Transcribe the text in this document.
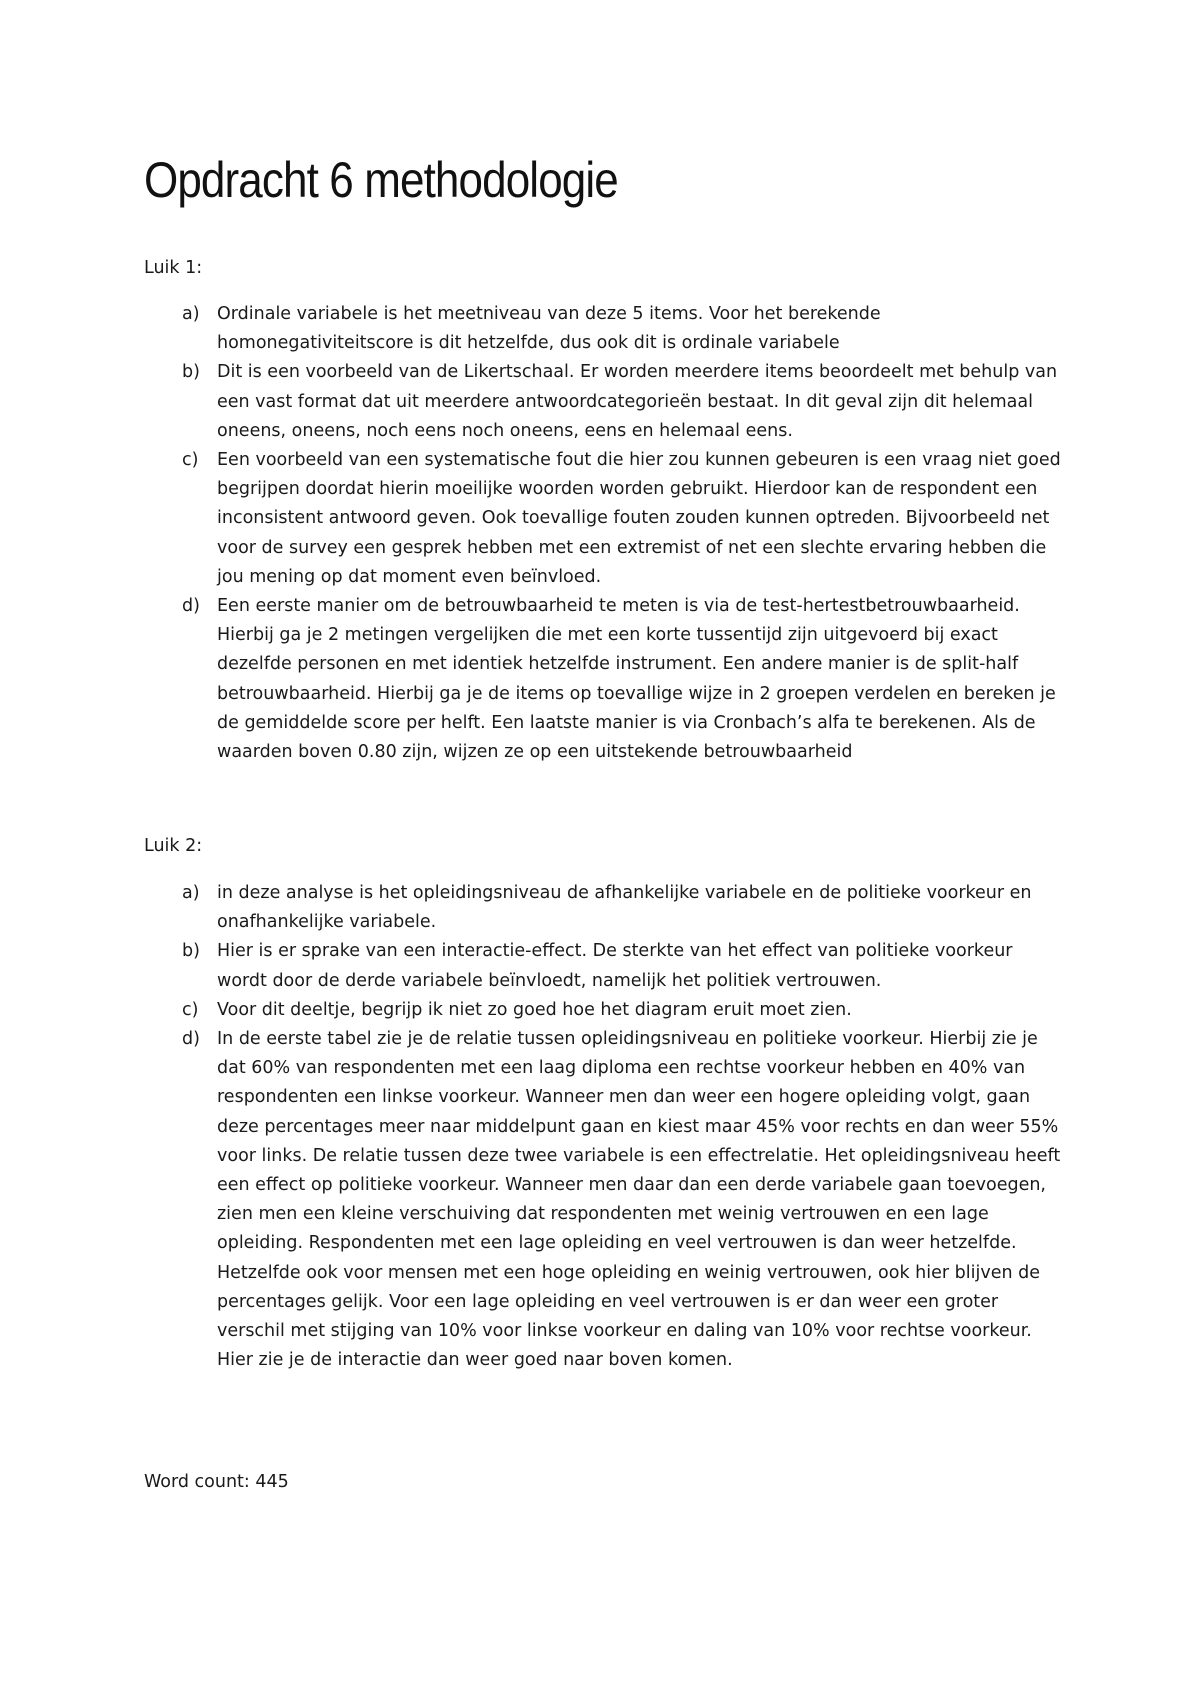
Opdracht 6 methodologie

Luik 1:

a) Ordinale variabele is het meetniveau van deze 5 items. Voor het berekende homonegativiteitscore is dit hetzelfde, dus ook dit is ordinale variabele
b) Dit is een voorbeeld van de Likertschaal. Er worden meerdere items beoordeelt met behulp van een vast format dat uit meerdere antwoordcategorieën bestaat. In dit geval zijn dit helemaal oneens, oneens, noch eens noch oneens, eens en helemaal eens.
c) Een voorbeeld van een systematische fout die hier zou kunnen gebeuren is een vraag niet goed begrijpen doordat hierin moeilijke woorden worden gebruikt. Hierdoor kan de respondent een inconsistent antwoord geven. Ook toevallige fouten zouden kunnen optreden. Bijvoorbeeld net voor de survey een gesprek hebben met een extremist of net een slechte ervaring hebben die jou mening op dat moment even beïnvloed.
d) Een eerste manier om de betrouwbaarheid te meten is via de test-hertestbetrouwbaarheid. Hierbij ga je 2 metingen vergelijken die met een korte tussentijd zijn uitgevoerd bij exact dezelfde personen en met identiek hetzelfde instrument. Een andere manier is de split-half betrouwbaarheid. Hierbij ga je de items op toevallige wijze in 2 groepen verdelen en bereken je de gemiddelde score per helft. Een laatste manier is via Cronbach’s alfa te berekenen. Als de waarden boven 0.80 zijn, wijzen ze op een uitstekende betrouwbaarheid

Luik 2:

a) in deze analyse is het opleidingsniveau de afhankelijke variabele en de politieke voorkeur en onafhankelijke variabele.
b) Hier is er sprake van een interactie-effect. De sterkte van het effect van politieke voorkeur wordt door de derde variabele beïnvloedt, namelijk het politiek vertrouwen.
c) Voor dit deeltje, begrijp ik niet zo goed hoe het diagram eruit moet zien.
d) In de eerste tabel zie je de relatie tussen opleidingsniveau en politieke voorkeur. Hierbij zie je dat 60% van respondenten met een laag diploma een rechtse voorkeur hebben en 40% van respondenten een linkse voorkeur. Wanneer men dan weer een hogere opleiding volgt, gaan deze percentages meer naar middelpunt gaan en kiest maar 45% voor rechts en dan weer 55% voor links. De relatie tussen deze twee variabele is een effectrelatie. Het opleidingsniveau heeft een effect op politieke voorkeur. Wanneer men daar dan een derde variabele gaan toevoegen, zien men een kleine verschuiving dat respondenten met weinig vertrouwen en een lage opleiding. Respondenten met een lage opleiding en veel vertrouwen is dan weer hetzelfde. Hetzelfde ook voor mensen met een hoge opleiding en weinig vertrouwen, ook hier blijven de percentages gelijk. Voor een lage opleiding en veel vertrouwen is er dan weer een groter verschil met stijging van 10% voor linkse voorkeur en daling van 10% voor rechtse voorkeur. Hier zie je de interactie dan weer goed naar boven komen.

Word count: 445
